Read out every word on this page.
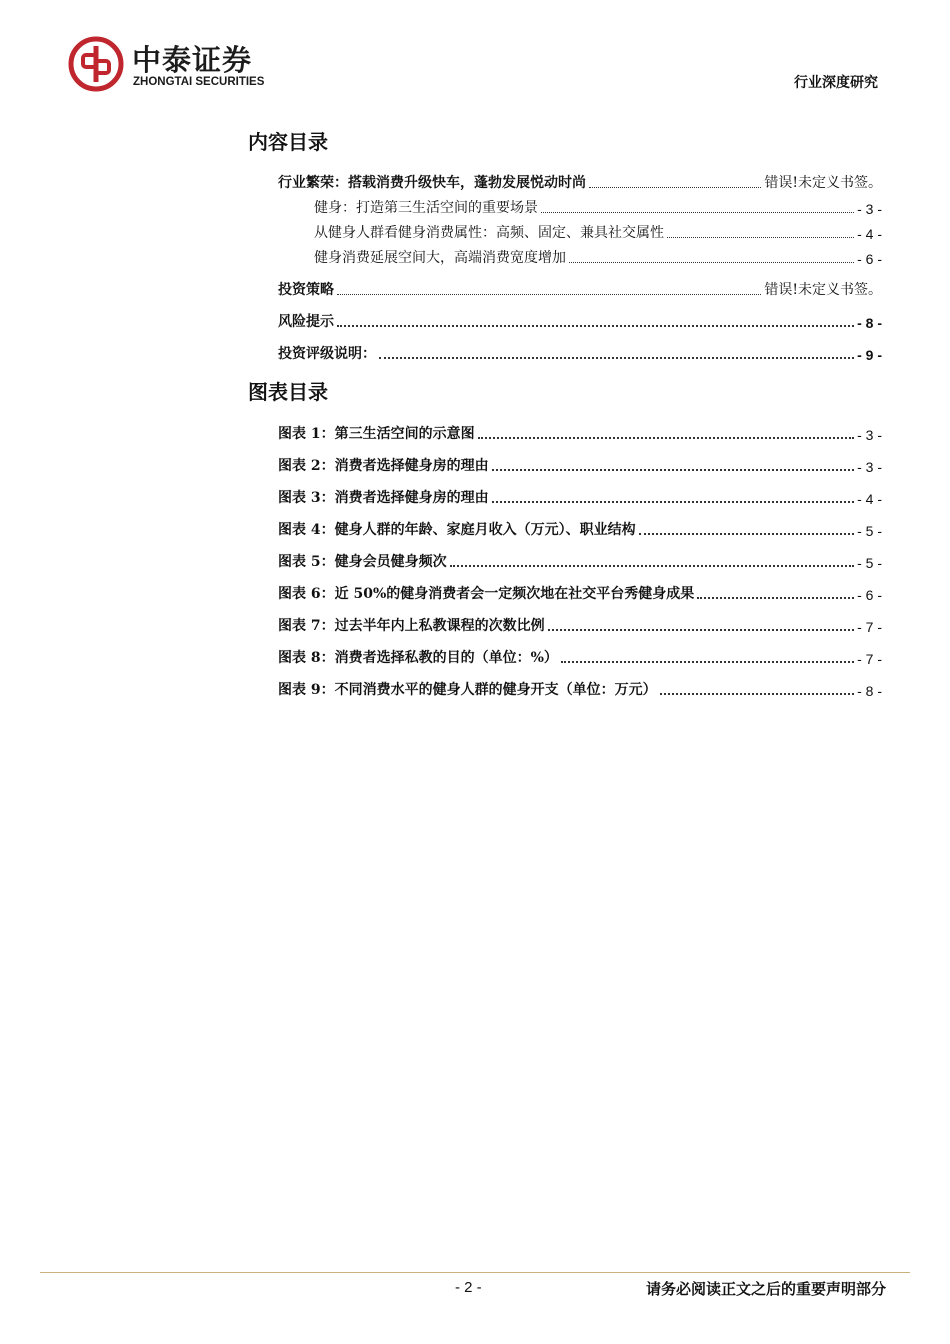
中泰证券
ZHONGTAI SECURITIES	行业深度研究
内容目录
行业繁荣：搭载消费升级快车，蓬勃发展悦动时尚	错误!未定义书签。
健身：打造第三生活空间的重要场景	- 3 -
从健身人群看健身消费属性：高频、固定、兼具社交属性	- 4 -
健身消费延展空间大，高端消费宽度增加	- 6 -
投资策略	错误!未定义书签。
风险提示	- 8 -
投资评级说明：	- 9 -
图表目录
图表 1：第三生活空间的示意图	- 3 -
图表 2：消费者选择健身房的理由	- 3 -
图表 3：消费者选择健身房的理由	- 4 -
图表 4：健身人群的年龄、家庭月收入（万元）、职业结构	- 5 -
图表 5：健身会员健身频次	- 5 -
图表 6：近 50%的健身消费者会一定频次地在社交平台秀健身成果	- 6 -
图表 7：过去半年内上私教课程的次数比例	- 7 -
图表 8：消费者选择私教的目的（单位：%）	- 7 -
图表 9：不同消费水平的健身人群的健身开支（单位：万元）	- 8 -
- 2 -	请务必阅读正文之后的重要声明部分
